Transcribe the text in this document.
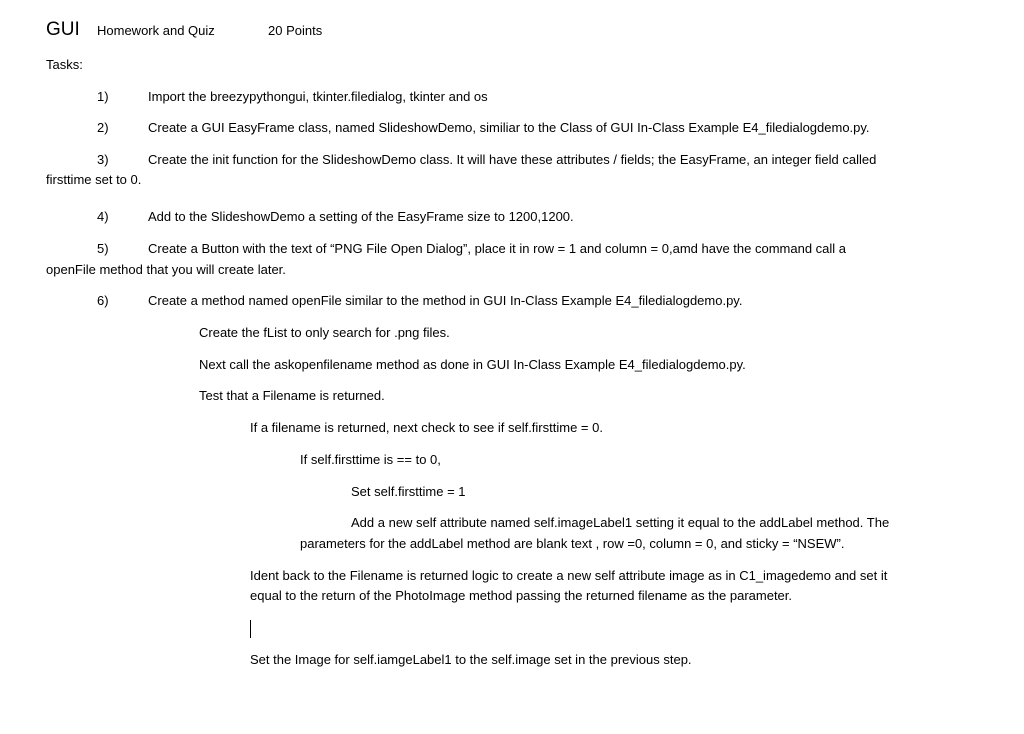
GUI Homework and Quiz	20 Points
Tasks:
1)	Import the breezypythongui, tkinter.filedialog, tkinter and os
2)	Create a GUI EasyFrame class, named SlideshowDemo, similiar to the Class of GUI In-Class Example E4_filedialogdemo.py.
3)	Create the init function for the SlideshowDemo class. It will have these attributes / fields; the EasyFrame, an integer field called
firsttime set to 0.
4)	Add to the SlideshowDemo a setting of the EasyFrame size to 1200,1200.
5)	Create a Button with the text of “PNG File Open Dialog”, place it in row = 1 and column = 0,amd have the command call a
openFile method that you will create later.
6)	Create a method named openFile similar to the method in GUI In-Class Example E4_filedialogdemo.py.
Create the fList to only search for .png files.
Next call the askopenfilename method as done in GUI In-Class Example E4_filedialogdemo.py.
Test that a Filename is returned.
If a filename is returned, next check to see if self.firsttime = 0.
If self.firsttime is == to 0,
Set self.firsttime = 1
Add a new self attribute named self.imageLabel1 setting it equal to the addLabel method. The
parameters for the addLabel method are blank text , row =0, column = 0, and sticky = “NSEW”.
Ident back to the Filename is returned logic to create a new self attribute image as in C1_imagedemo and set it
equal to the return of the PhotoImage method passing the returned filename as the parameter.
Set the Image for self.iamgeLabel1 to the self.image set in the previous step.
